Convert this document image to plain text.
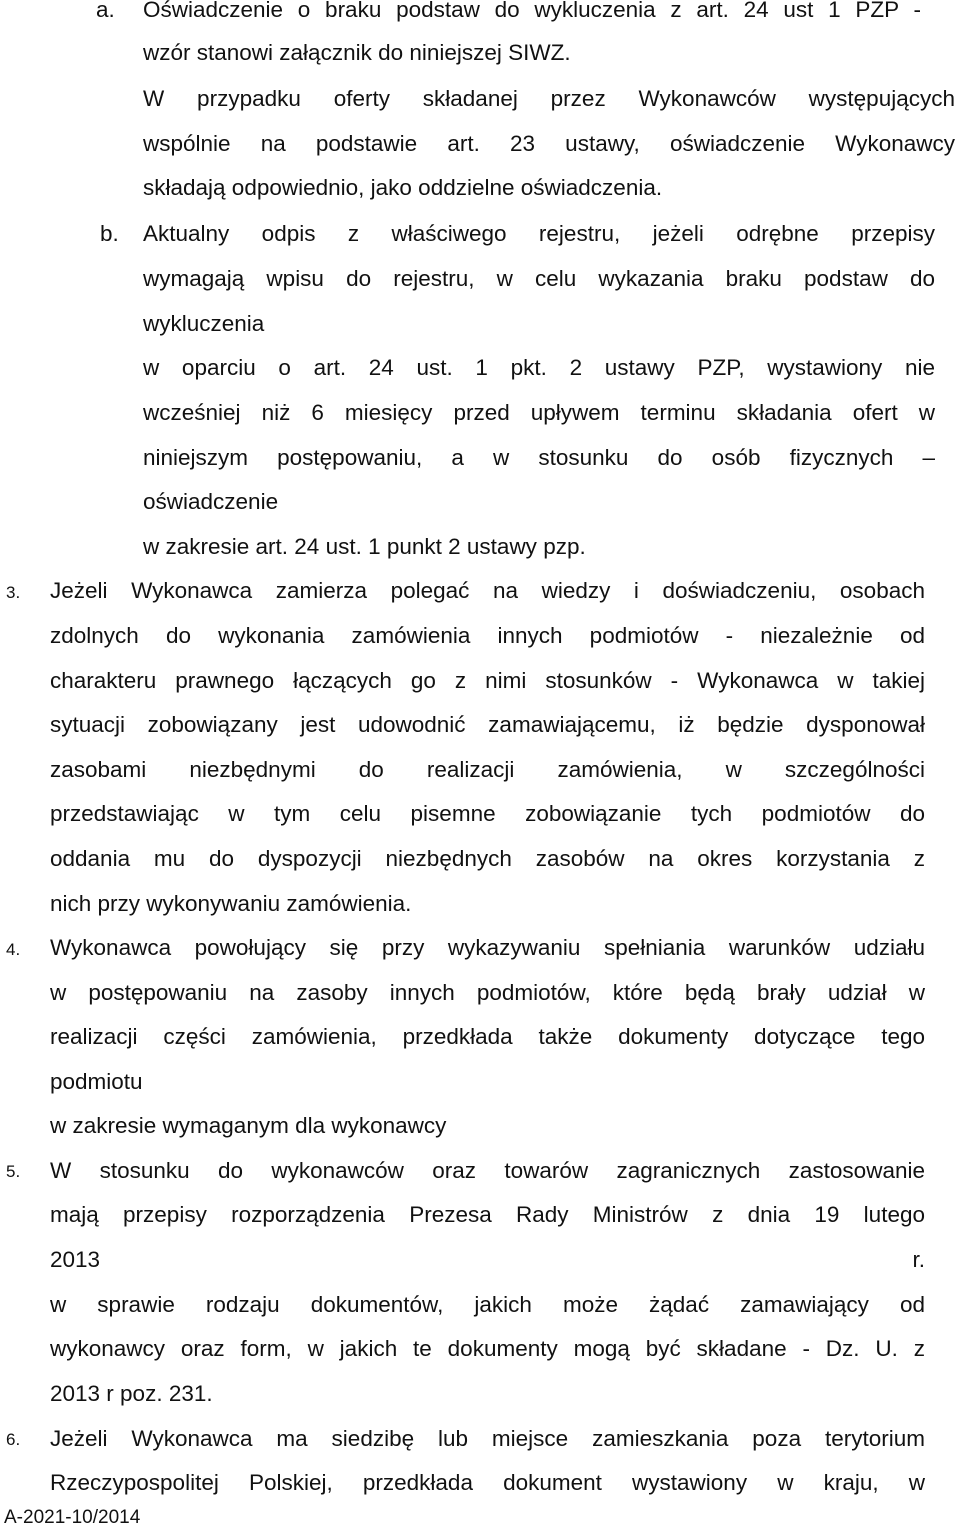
a. Oświadczenie o braku podstaw do wykluczenia z art. 24 ust 1 PZP -
wzór stanowi załącznik do niniejszej SIWZ.
W przypadku oferty składanej przez Wykonawców występujących
wspólnie na podstawie art. 23 ustawy, oświadczenie Wykonawcy
składają odpowiednio, jako oddzielne oświadczenia.
b. Aktualny odpis z właściwego rejestru, jeżeli odrębne przepisy
wymagają wpisu do rejestru, w celu wykazania braku podstaw do
wykluczenia
w oparciu o art. 24 ust. 1 pkt. 2 ustawy PZP, wystawiony nie
wcześniej niż 6 miesięcy przed upływem terminu składania ofert w
niniejszym postępowaniu, a w stosunku do osób fizycznych –
oświadczenie
w zakresie art. 24 ust. 1 punkt 2 ustawy pzp.
3. Jeżeli Wykonawca zamierza polegać na wiedzy i doświadczeniu, osobach
zdolnych do wykonania zamówienia innych podmiotów - niezależnie od
charakteru prawnego łączących go z nimi stosunków - Wykonawca w takiej
sytuacji zobowiązany jest udowodnić zamawiającemu, iż będzie dysponował
zasobami niezbędnymi do realizacji zamówienia, w szczególności
przedstawiając w tym celu pisemne zobowiązanie tych podmiotów do
oddania mu do dyspozycji niezbędnych zasobów na okres korzystania z
nich przy wykonywaniu zamówienia.
4. Wykonawca powołujący się przy wykazywaniu spełniania warunków udziału
w postępowaniu na zasoby innych podmiotów, które będą brały udział w
realizacji części zamówienia, przedkłada także dokumenty dotyczące tego
podmiotu
w zakresie wymaganym dla wykonawcy
5. W stosunku do wykonawców oraz towarów zagranicznych zastosowanie
mają przepisy rozporządzenia Prezesa Rady Ministrów z dnia 19 lutego
2013 r.
w sprawie rodzaju dokumentów, jakich może żądać zamawiający od
wykonawcy oraz form, w jakich te dokumenty mogą być składane - Dz. U. z
2013 r poz. 231.
6. Jeżeli Wykonawca ma siedzibę lub miejsce zamieszkania poza terytorium
Rzeczypospolitej Polskiej, przedkłada dokument wystawiony w kraju, w
A-2021-10/2014
